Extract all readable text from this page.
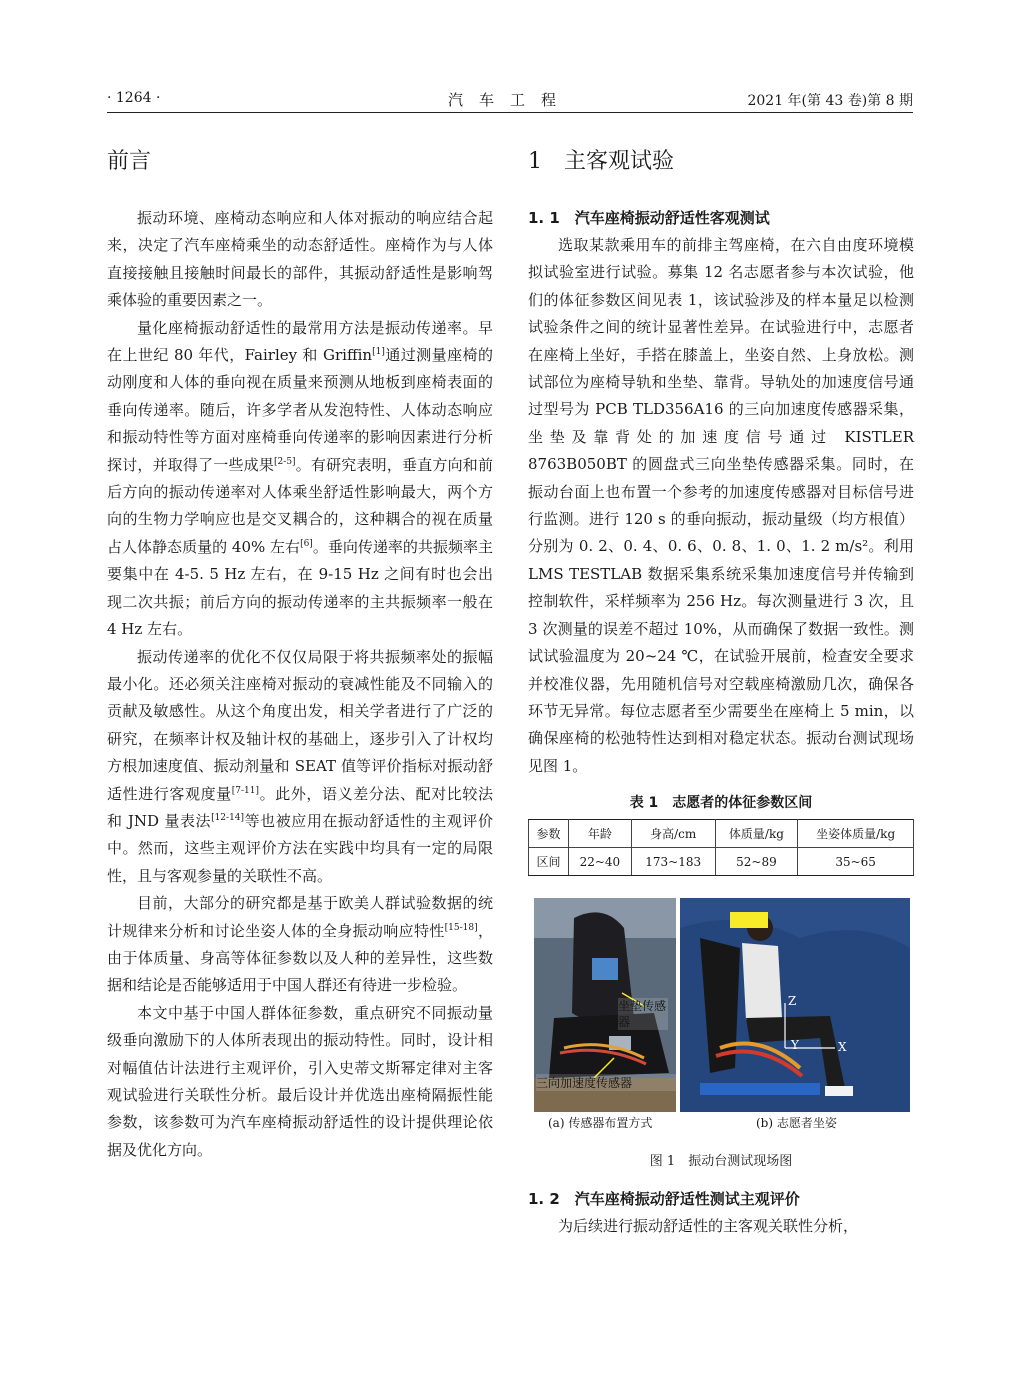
· 1264 ·	汽车工程	2021 年(第 43 卷)第 8 期
前言

振动环境、座椅动态响应和人体对振动的响应结合起来，决定了汽车座椅乘坐的动态舒适性。座椅作为与人体直接接触且接触时间最长的部件，其振动舒适性是影响驾乘体验的重要因素之一。

量化座椅振动舒适性的最常用方法是振动传递率。早在上世纪 80 年代，Fairley 和 Griffin[1]通过测量座椅的动刚度和人体的垂向视在质量来预测从地板到座椅表面的垂向传递率。随后，许多学者从发泡特性、人体动态响应和振动特性等方面对座椅垂向传递率的影响因素进行分析探讨，并取得了一些成果[2-5]。有研究表明，垂直方向和前后方向的振动传递率对人体乘坐舒适性影响最大，两个方向的生物力学响应也是交叉耦合的，这种耦合的视在质量占人体静态质量的 40% 左右[6]。垂向传递率的共振频率主要集中在 4-5. 5 Hz 左右，在 9-15 Hz 之间有时也会出现二次共振；前后方向的振动传递率的主共振频率一般在 4 Hz 左右。

振动传递率的优化不仅仅局限于将共振频率处的振幅最小化。还必须关注座椅对振动的衰减性能及不同输入的贡献及敏感性。从这个角度出发，相关学者进行了广泛的研究，在频率计权及轴计权的基础上，逐步引入了计权均方根加速度值、振动剂量和 SEAT 值等评价指标对振动舒适性进行客观度量[7-11]。此外，语义差分法、配对比较法和 JND 量表法[12-14]等也被应用在振动舒适性的主观评价中。然而，这些主观评价方法在实践中均具有一定的局限性，且与客观参量的关联性不高。

目前，大部分的研究都是基于欧美人群试验数据的统计规律来分析和讨论坐姿人体的全身振动响应特性[15-18]，由于体质量、身高等体征参数以及人种的差异性，这些数据和结论是否能够适用于中国人群还有待进一步检验。

本文中基于中国人群体征参数，重点研究不同振动量级垂向激励下的人体所表现出的振动特性。同时，设计相对幅值估计法进行主观评价，引入史蒂文斯幂定律对主客观试验进行关联性分析。最后设计并优选出座椅隔振性能参数，该参数可为汽车座椅振动舒适性的设计提供理论依据及优化方向。

1　主客观试验
1. 1　汽车座椅振动舒适性客观测试

选取某款乘用车的前排主驾座椅，在六自由度环境模拟试验室进行试验。募集 12 名志愿者参与本次试验，他们的体征参数区间见表 1，该试验涉及的样本量足以检测试验条件之间的统计显著性差异。在试验进行中，志愿者在座椅上坐好，手搭在膝盖上，坐姿自然、上身放松。测试部位为座椅导轨和坐垫、靠背。导轨处的加速度信号通过型号为 PCB TLD356A16 的三向加速度传感器采集，坐垫及靠背处的加速度信号通过 KISTLER 8763B050BT 的圆盘式三向坐垫传感器采集。同时，在振动台面上也布置一个参考的加速度传感器对目标信号进行监测。进行 120 s 的垂向振动，振动量级（均方根值）分别为 0. 2、0. 4、0. 6、0. 8、1. 0、1. 2 m/s²。利用 LMS TESTLAB 数据采集系统采集加速度信号并传输到控制软件，采样频率为 256 Hz。每次测量进行 3 次，且 3 次测量的误差不超过 10%，从而确保了数据一致性。测试试验温度为 20~24 ℃，在试验开展前，检查安全要求并校准仪器，先用随机信号对空载座椅激励几次，确保各环节无异常。每位志愿者至少需要坐在座椅上 5 min，以确保座椅的松弛特性达到相对稳定状态。振动台测试现场见图 1。

表 1　志愿者的体征参数区间
参数	年龄	身高/cm	体质量/kg	坐姿体质量/kg
区间	22~40	173~183	52~89	35~65
坐垫传感器
三向加速度传感器
Z
Y	X
(a) 传感器布置方式	(b) 志愿者坐姿
图 1　振动台测试现场图
1. 2　汽车座椅振动舒适性测试主观评价

为后续进行振动舒适性的主客观关联性分析，
